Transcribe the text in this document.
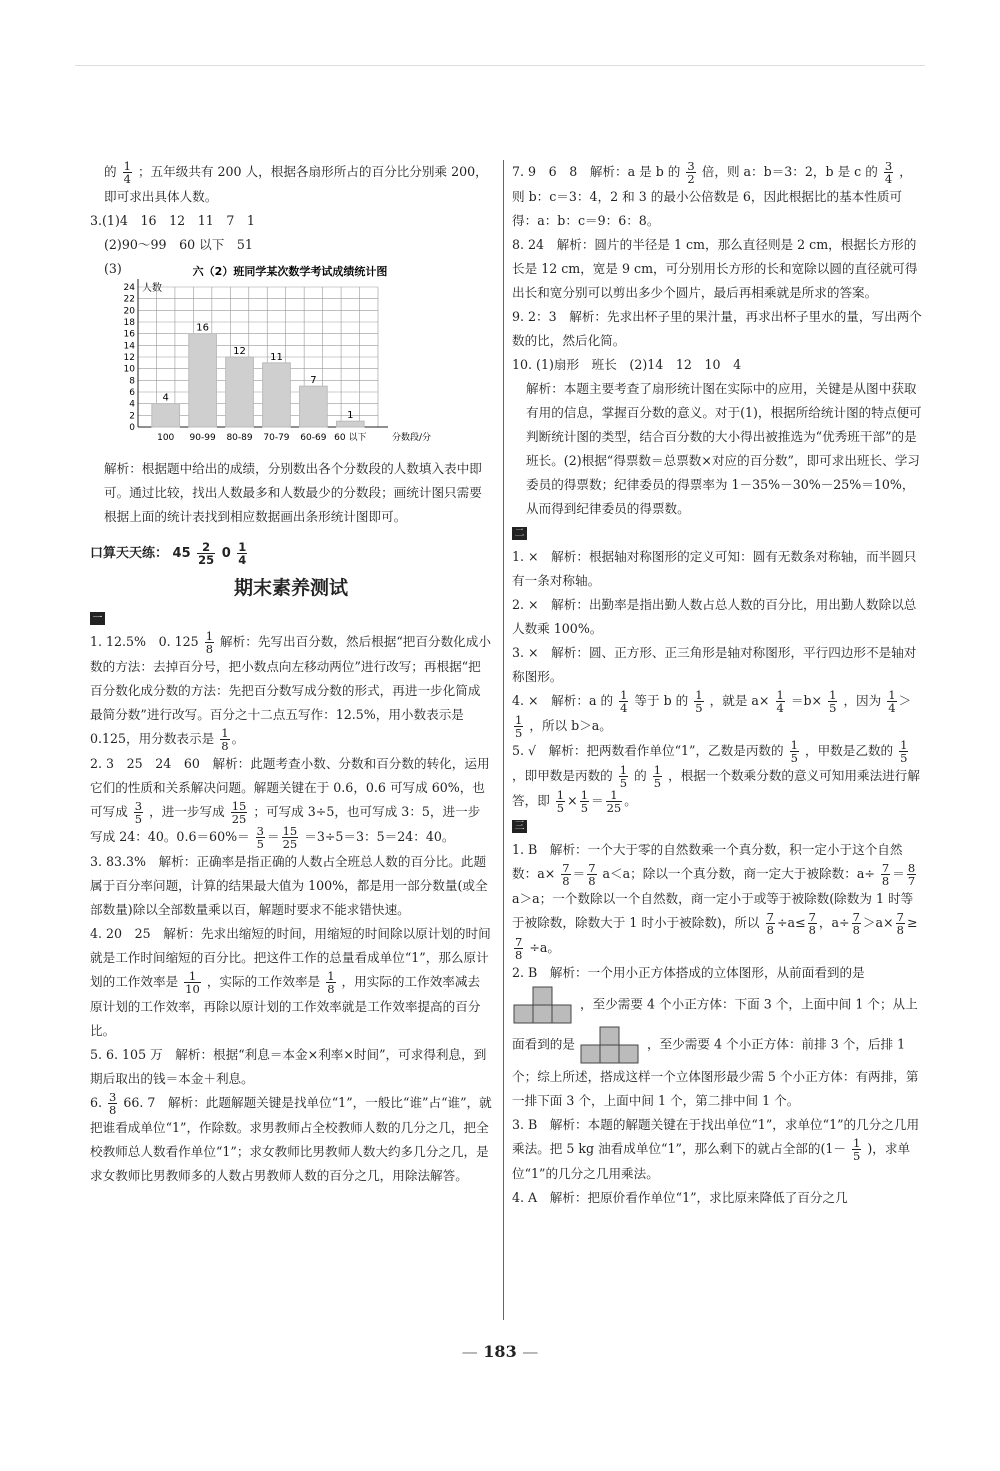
的 $\frac{1}{4}$ ；五年级共有 200 人，根据各扇形所占的百分比分别乘 200，即可求出具体人数。

3.(1)4　16　12　11　7　1

(2)90～99　60 以下　51

(3)	六（2）班同学某次数学考试成绩统计图
人数
0
2
4
6
8
10
12
14
16
18
20
22
24
4
100
16
90-99
12
80-89
11
70-79
7
60-69
1
60 以下	分数段/分

解析：根据题中给出的成绩，分别数出各个分数段的人数填入表中即可。通过比较，找出人数最多和人数最少的分数段；画统计图只需要根据上面的统计表找到相应数据画出条形统计图即可。

口算天天练： $45 \frac{2}{25} 0 \frac{1}{4}$
期末素养测试
一

1. 12.5%　0. $125 \frac{1}{8}$ 解析：先写出百分数，然后根据“把百分数化成小数的方法：去掉百分号，把小数点向左移动两位”进行改写；再根据“把百分数化成分数的方法：先把百分数写成分数的形式，再进一步化简成最简分数”进行改写。百分之十二点五写作：12.5%，用小数表示是 0.125，用分数表示是 $\frac{1}{8}$ 。

2. 3　25　24　60　解析：此题考查小数、分数和百分数的转化，运用它们的性质和关系解决问题。解题关键在于 0.6，0.6 可写成 60%，也可写成 $\frac{3}{5}$ ，进一步写成 $\frac{15}{25}$ ；可写成 3÷5，也可写成 3：5，进一步写成 24：40。$0.6=60\%= \frac{3}{5} = \frac{15}{25} =3\div 5=3$：5＝24：40。

3. 83.3%　解析：正确率是指正确的人数占全班总人数的百分比。此题属于百分率问题，计算的结果最大值为 100%，都是用一部分数量(或全部数量)除以全部数量乘以百，解题时要求不能求错快速。

4. 20　25　解析：先求出缩短的时间，用缩短的时间除以原计划的时间就是工作时间缩短的百分比。把这件工作的总量看成单位“1”，那么原计划的工作效率是 $\frac{1}{10}$ ，实际的工作效率是 $\frac{1}{8}$ ，用实际的工作效率减去原计划的工作效率，再除以原计划的工作效率就是工作效率提高的百分比。

5. 6. 105 万　解析：根据“利息＝本金×利率×时间”，可求得利息，到期后取出的钱＝本金＋利息。

6. $\frac{3}{8} 66$. 7　解析：此题解题关键是找单位“1”，一般比“谁”占“谁”，就把谁看成单位“1”，作除数。求男教师占全校教师人数的几分之几，把全校教师总人数看作单位“1”；求女教师比男教师人数大约多几分之几，是求女教师比男教师多的人数占男教师人数的百分之几，用除法解答。

7. 9　6　8　解析：a 是 b 的 $\frac{3}{2}$ 倍，则 a：b＝3：2，b 是 c 的 $\frac{3}{4}$ ，则 b：c＝3：4，2 和 3 的最小公倍数是 6，因此根据比的基本性质可得：a：b：c＝9：6：8。

8. 24　解析：圆片的半径是 1 cm，那么直径则是 2 cm，根据长方形的长是 12 cm，宽是 9 cm，可分别用长方形的长和宽除以圆的直径就可得出长和宽分别可以剪出多少个圆片，最后再相乘就是所求的答案。

9. 2：3　解析：先求出杯子里的果汁量，再求出杯子里水的量，写出两个数的比，然后化简。

10. (1)扇形　班长　(2)14　12　10　4

解析：本题主要考查了扇形统计图在实际中的应用，关键是从图中获取有用的信息，掌握百分数的意义。对于(1)，根据所给统计图的特点便可判断统计图的类型，结合百分数的大小得出被推选为“优秀班干部”的是班长。(2)根据“得票数＝总票数×对应的百分数”，即可求出班长、学习委员的得票数；纪律委员的得票率为 1－35%－30%－25%＝10%，从而得到纪律委员的得票数。

二

1. ×　解析：根据轴对称图形的定义可知：圆有无数条对称轴，而半圆只有一条对称轴。

2. ×　解析：出勤率是指出勤人数占总人数的百分比，用出勤人数除以总人数乘 100%。

3. ×　解析：圆、正方形、正三角形是轴对称图形，平行四边形不是轴对称图形。

4. ×　解析：a 的 $\frac{1}{4}$ 等于 b 的 $\frac{1}{5}$ ，就是 $a\times \frac{1}{4} =b\times \frac{1}{5}$ ，因为 $\frac{1}{4}$ ＞
$\frac{1}{5}$ ，所以 b＞a。

5. √　解析：把两数看作单位“1”，乙数是丙数的 $\frac{1}{5}$ ，甲数是乙数的 $\frac{1}{5}$
，即甲数是丙数的 $\frac{1}{5}$ 的 $\frac{1}{5}$ ，根据一个数乘分数的意义可知用乘法进行解答，即 $\frac{1}{5} \times \frac{1}{5} = \frac{1}{25}$ 。

三

1. B　解析：一个大于零的自然数乘一个真分数，积一定小于这个自然数：$a\times \frac{7}{8} = \frac{7}{8} a<a$；除以一个真分数，商一定大于被除数：$a\div \frac{7}{8} = \frac{8}{7}$
a＞a；一个数除以一个自然数，商一定小于或等于被除数(除数为 1 时等于被除数，除数大于 1 时小于被除数)，所以 $\frac{7}{8} \div a\le \frac{7}{8}$ ，$a\div \frac{7}{8} >a\times \frac{7}{8}$ ≥
$\frac{7}{8} \div a$。

2. B　解析：一个用小正方体搭成的立体图形，从前面看到的是  ，至少需要 4 个小正方体：下面 3 个，上面中间 1 个；从上面看到的是	，至少需要 4 个小正方体：前排 3 个，后排 1 个；综上所述，搭成这样一个立体图形最少需 5 个小正方体：有两排，第一排下面 3 个，上面中间 1 个，第二排中间 1 个。

3. B　解析：本题的解题关键在于找出单位“1”，求单位“1”的几分之几用乘法。把 5 kg 油看成单位“1”，那么剩下的就占全部的($1- \frac{1}{5}$ )，求单位“1”的几分之几用乘法。

4. A　解析：把原价看作单位“1”，求比原来降低了百分之几

— 183 —
